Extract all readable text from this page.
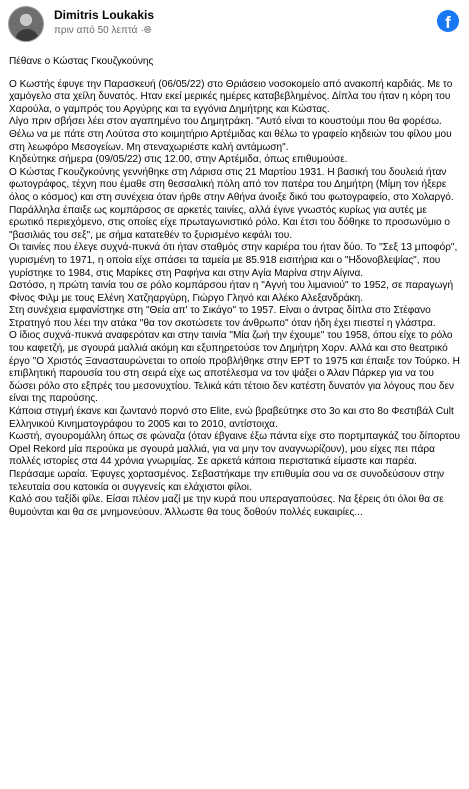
Dimitris Loukakis
πριν από 50 λεπτά ·🌐︎	f

Πέθανε ο Κώστας Γκουζγκούνης

Ο Κωστής έφυγε την Παρασκευή (06/05/22) στο Θριάσειο νοσοκομείο από ανακοπή καρδιάς. Με το χαμόγελο στα χείλη δυνατός. Ηταν εκεί μερικές ημέρες καταβεβλημένος. Δίπλα του ήταν η κόρη του Χαρούλα, ο γαμπρός του Αργύρης και τα εγγόνια Δημήτρης και Κώστας.

Λίγο πριν σβήσει λέει στον αγαπημένο του Δημητράκη. "Αυτό είναι το κουστούμι που θα φορέσω. Θέλω να με πάτε στη Λούτσα στο κοιμητήριο Αρτέμιδας και θέλω το γραφείο κηδειών του φίλου μου στη λεωφόρο Μεσογείων. Μη στεναχωριέστε καλή αντάμωση".

Κηδεύτηκε σήμερα (09/05/22) στις 12.00, στην Αρτέμιδα, όπως επιθυμούσε.

Ο Κώστας Γκουζγκούνης γεννήθηκε στη Λάρισα στις 21 Μαρτίου 1931. Η βασική του δουλειά ήταν φωτογράφος, τέχνη που έμαθε στη θεσσαλική πόλη από τον πατέρα του Δημήτρη (Μίμη τον ήξερε όλος ο κόσμος) και στη συνέχεια όταν ήρθε στην Αθήνα άνοιξε δικό του φωτογραφείο, στο Χολαργό. Παράλληλα έπαιξε ως κομπάρσος σε αρκετές ταινίες, αλλά έγινε γνωστός κυρίως για αυτές με ερωτικό περιεχόμενο, στις οποίες είχε πρωταγωνιστικό ρόλο. Και έτσι του δόθηκε το προσωνύμιο ο "βασιλιάς του σεξ", με σήμα κατατεθέν το ξυρισμένο κεφάλι του.

Οι ταινίες που έλεγε συχνά-πυκνά ότι ήταν σταθμός στην καριέρα του ήταν δύο. Το "Σεξ 13 μποφόρ", γυρισμένη το 1971, η οποία είχε σπάσει τα ταμεία με 85.918 εισιτήρια και ο "Ηδονοβλεψίας", που γυρίστηκε το 1984, στις Μαρίκες στη Ραφήνα και στην Αγία Μαρίνα στην Αίγινα.

Ωστόσο, η πρώτη ταινία του σε ρόλο κομπάρσου ήταν η "Αγνή του λιμανιού" το 1952, σε παραγωγή Φίνος Φιλμ με τους Ελένη Χατζηαργύρη, Γιώργο Γληνό και Αλέκο Αλεξανδράκη.

Στη συνέχεια εμφανίστηκε στη "Θεία απ' το Σικάγο" το 1957. Είναι ο άντρας δίπλα στο Στέφανο Στρατηγό που λέει την ατάκα "θα τον σκοτώσετε τον άνθρωπο" όταν ήδη έχει πιεστεί η γλάστρα.

Ο ίδιος συχνά-πυκνά αναφερόταν και στην ταινία "Μία ζωή την έχουμε" του 1958, όπου είχε το ρόλο του καφετζή, με σγουρά μαλλιά ακόμη και εξυπηρετούσε τον Δημήτρη Χορν. Αλλά και στο θεατρικό έργο "Ο Χριστός Ξανασταυρώνεται το οποίο προβλήθηκε στην ΕΡΤ το 1975 και έπαιξε τον Τούρκο. Η επιβλητική παρουσία του στη σειρά είχε ως αποτέλεσμα να τον ψάξει ο Άλαν Πάρκερ για να του δώσει ρόλο στο εξπρές του μεσονυχτίου. Τελικά κάτι τέτοιο δεν κατέστη δυνατόν για λόγους που δεν είναι της παρούσης.

Κάποια στιγμή έκανε και ζωντανό πορνό στο Elite, ενώ βραβεύτηκε στο 3ο και στο 8ο Φεστιβάλ Cult Ελληνικού Κινηματογράφου το 2005 και το 2010, αντίστοιχα.

Κωστή, σγουρομάλλη όπως σε φώναζα (όταν έβγαινε έξω πάντα είχε στο πορτμπαγκάζ του δίπορτου Opel Rekord μία περούκα με σγουρά μαλλιά, για να μην τον αναγνωρίζουν), μου είχες πει πάρα πολλές ιστορίες στα 44 χρόνια γνωριμίας. Σε αρκετά κάποια περιστατικά είμαστε και παρέα. Περάσαμε ωραία. Έφυγες χορτασμένος. Σεβαστήκαμε την επιθυμία σου να σε συνοδεύσουν στην τελευταία σου κατοικία οι συγγενείς και ελάχιστοι φίλοι.

Καλό σου ταξίδι φίλε. Είσαι πλέον μαζί με την κυρά που υπεραγαπούσες. Να ξέρεις ότι όλοι θα σε θυμούνται και θα σε μνημονεύουν. Άλλωστε θα τους δοθούν πολλές ευκαιρίες...
